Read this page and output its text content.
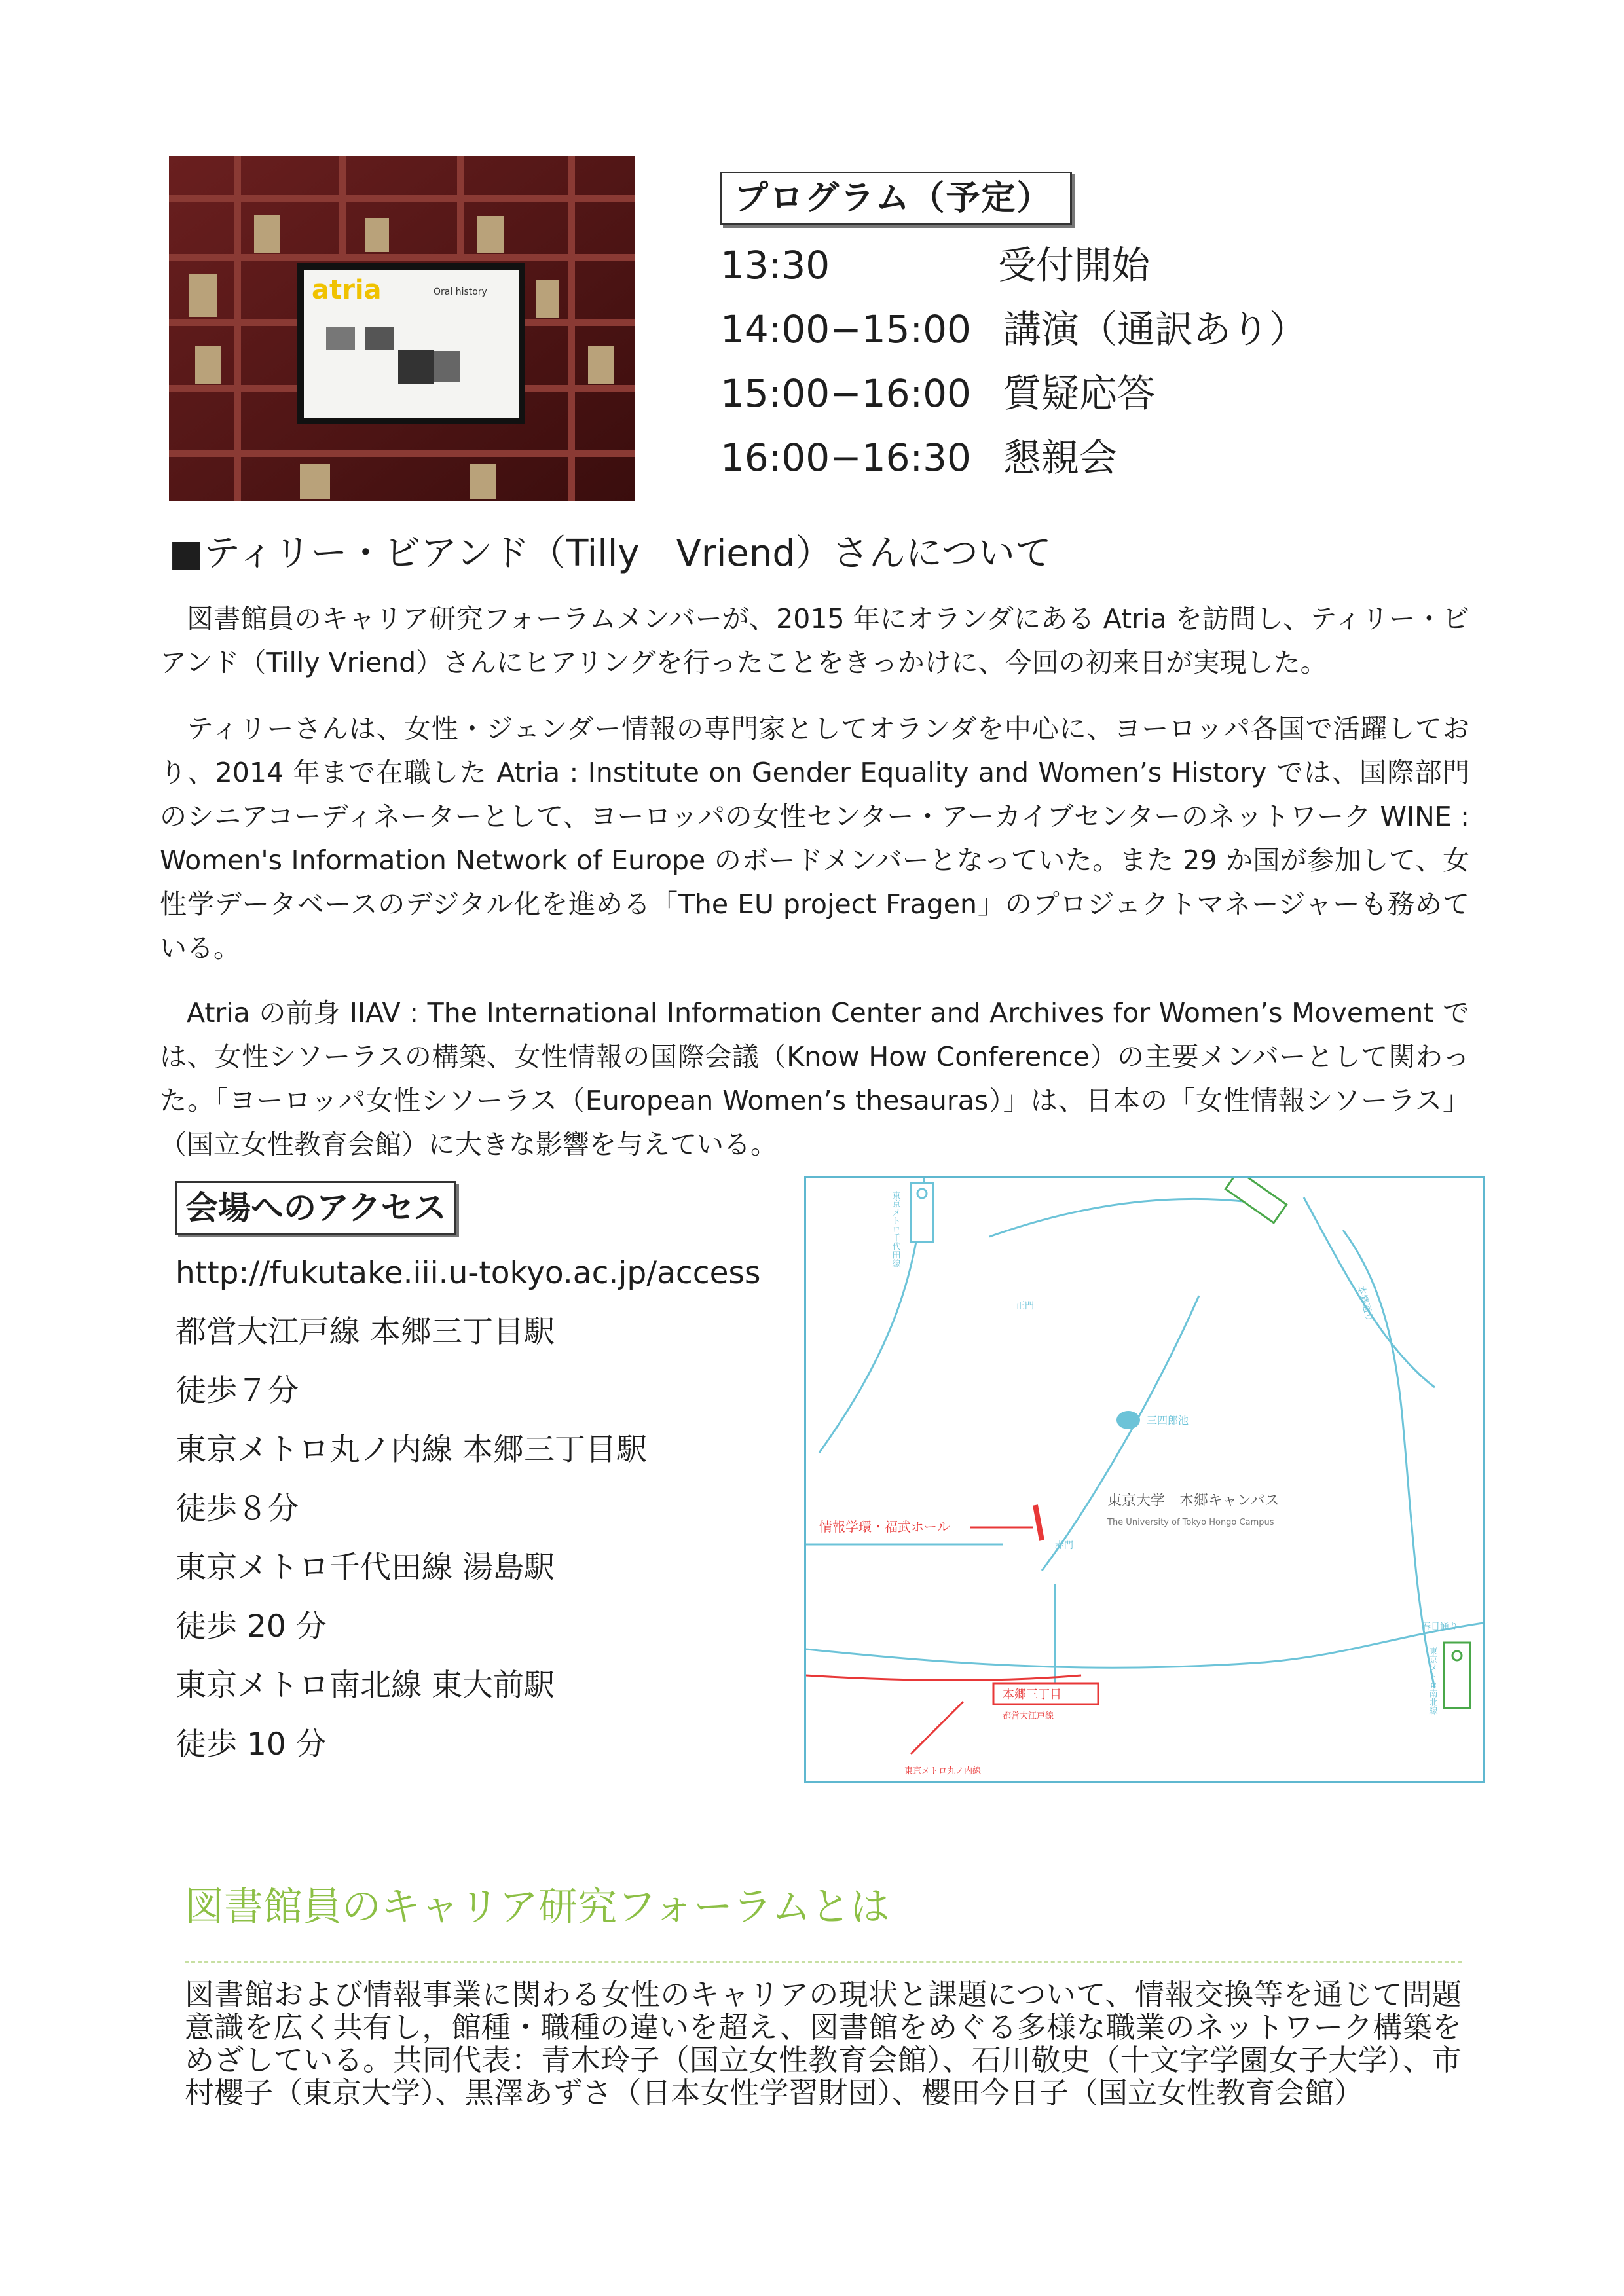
atria	Oral history
プログラム（予定）
13:30	受付開始
14:00−15:00 講演（通訳あり）
15:00−16:00 質疑応答
16:00−16:30 懇親会
■ティリー・ビアンド（Tilly　Vriend）さんについて

図書館員のキャリア研究フォーラムメンバーが、2015 年にオランダにある Atria を訪問し、ティリー・ビアンド（Tilly Vriend）さんにヒアリングを行ったことをきっかけに、今回の初来日が実現した。

ティリーさんは、女性・ジェンダー情報の専門家としてオランダを中心に、ヨーロッパ各国で活躍しており、2014 年まで在職した Atria : Institute on Gender Equality and Women’s History では、国際部門のシニアコーディネーターとして、ヨーロッパの女性センター・アーカイブセンターのネットワーク WINE : Women's Information Network of Europe のボードメンバーとなっていた。また 29 か国が参加して、女性学データベースのデジタル化を進める「The EU project Fragen」のプロジェクトマネージャーも務めている。

Atria の前身 IIAV : The International Information Center and Archives for Women’s Movement では、女性シソーラスの構築、女性情報の国際会議（Know How Conference）の主要メンバーとして関わった。「ヨーロッパ女性シソーラス（European Women’s thesauras）」は、日本の「女性情報シソーラス」（国立女性教育会館）に大きな影響を与えている。

会場へのアクセス
http://fukutake.iii.u-tokyo.ac.jp/access
都営大江戸線 本郷三丁目駅
徒歩７分
東京メトロ丸ノ内線 本郷三丁目駅
徒歩８分
東京メトロ千代田線 湯島駅
徒歩 20 分
東京メトロ南北線 東大前駅
徒歩 10 分
三四郎池
東京メトロ千代田線
東京メトロ南北線
本郷通り
春日通り
正門
赤門
東京大学　本郷キャンパス
The University of Tokyo Hongo Campus
情報学環・福武ホール
本郷三丁目
都営大江戸線
東京メトロ丸ノ内線
図書館員のキャリア研究フォーラムとは
図書館および情報事業に関わる女性のキャリアの現状と課題について、情報交換等を通じて問題意識を広く共有し，館種・職種の違いを超え、図書館をめぐる多様な職業のネットワーク構築をめざしている。共同代表：青木玲子（国立女性教育会館）、石川敬史（十文字学園女子大学）、市村櫻子（東京大学）、黒澤あずさ（日本女性学習財団）、櫻田今日子（国立女性教育会館）
